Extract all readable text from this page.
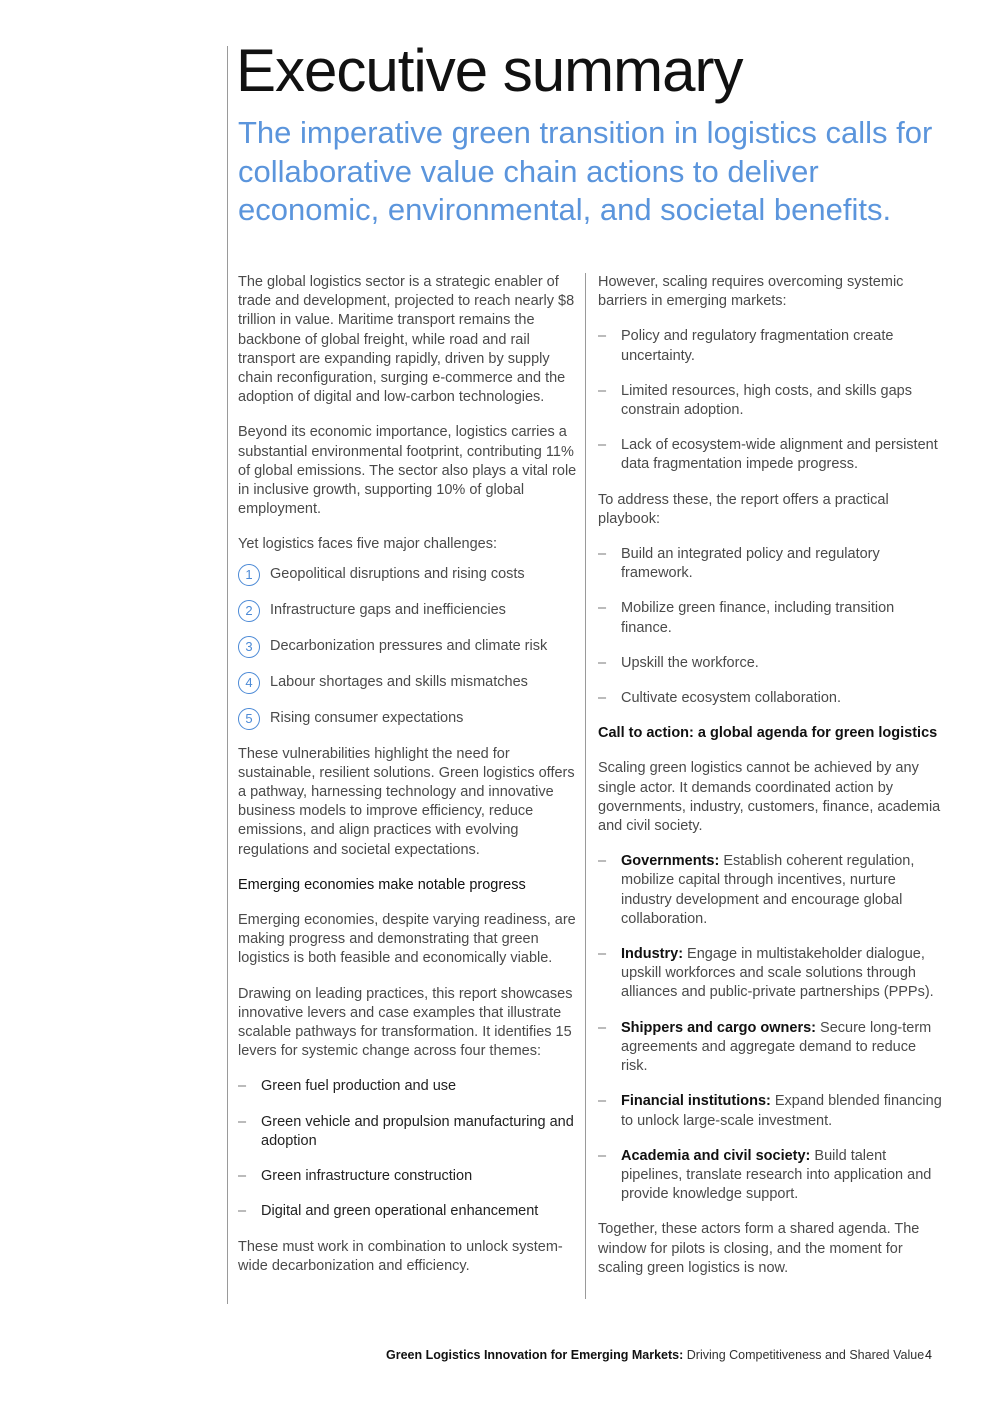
Executive summary
The imperative green transition in logistics calls for collaborative value chain actions to deliver economic, environmental, and societal benefits.

The global logistics sector is a strategic enabler of trade and development, projected to reach nearly $8 trillion in value. Maritime transport remains the backbone of global freight, while road and rail transport are expanding rapidly, driven by supply chain reconfiguration, surging e-commerce and the adoption of digital and low-carbon technologies.

Beyond its economic importance, logistics carries a substantial environmental footprint, contributing 11% of global emissions. The sector also plays a vital role in inclusive growth, supporting 10% of global employment.

Yet logistics faces five major challenges:

1	Geopolitical disruptions and rising costs
2	Infrastructure gaps and inefficiencies
3	Decarbonization pressures and climate risk
4	Labour shortages and skills mismatches
5	Rising consumer expectations

These vulnerabilities highlight the need for sustainable, resilient solutions. Green logistics offers a pathway, harnessing technology and innovative business models to improve efficiency, reduce emissions, and align practices with evolving regulations and societal expectations.

Emerging economies make notable progress

Emerging economies, despite varying readiness, are making progress and demonstrating that green logistics is both feasible and economically viable.

Drawing on leading practices, this report showcases innovative levers and case examples that illustrate scalable pathways for transformation. It identifies 15 levers for systemic change across four themes:

– Green fuel production and use
– Green vehicle and propulsion manufacturing and adoption
– Green infrastructure construction
– Digital and green operational enhancement

These must work in combination to unlock system-wide decarbonization and efficiency.

However, scaling requires overcoming systemic barriers in emerging markets:

– Policy and regulatory fragmentation create uncertainty.
– Limited resources, high costs, and skills gaps constrain adoption.
– Lack of ecosystem-wide alignment and persistent data fragmentation impede progress.

To address these, the report offers a practical playbook:

– Build an integrated policy and regulatory framework.
– Mobilize green finance, including transition finance.
– Upskill the workforce.
– Cultivate ecosystem collaboration.
Call to action: a global agenda for green logistics

Scaling green logistics cannot be achieved by any single actor. It demands coordinated action by governments, industry, customers, finance, academia and civil society.

– Governments: Establish coherent regulation, mobilize capital through incentives, nurture industry development and encourage global collaboration.
– Industry: Engage in multistakeholder dialogue, upskill workforces and scale solutions through alliances and public-private partnerships (PPPs).
– Shippers and cargo owners: Secure long-term agreements and aggregate demand to reduce risk.
– Financial institutions: Expand blended financing to unlock large-scale investment.
– Academia and civil society: Build talent pipelines, translate research into application and provide knowledge support.

Together, these actors form a shared agenda. The window for pilots is closing, and the moment for scaling green logistics is now.

Green Logistics Innovation for Emerging Markets: Driving Competitiveness and Shared Value 4
